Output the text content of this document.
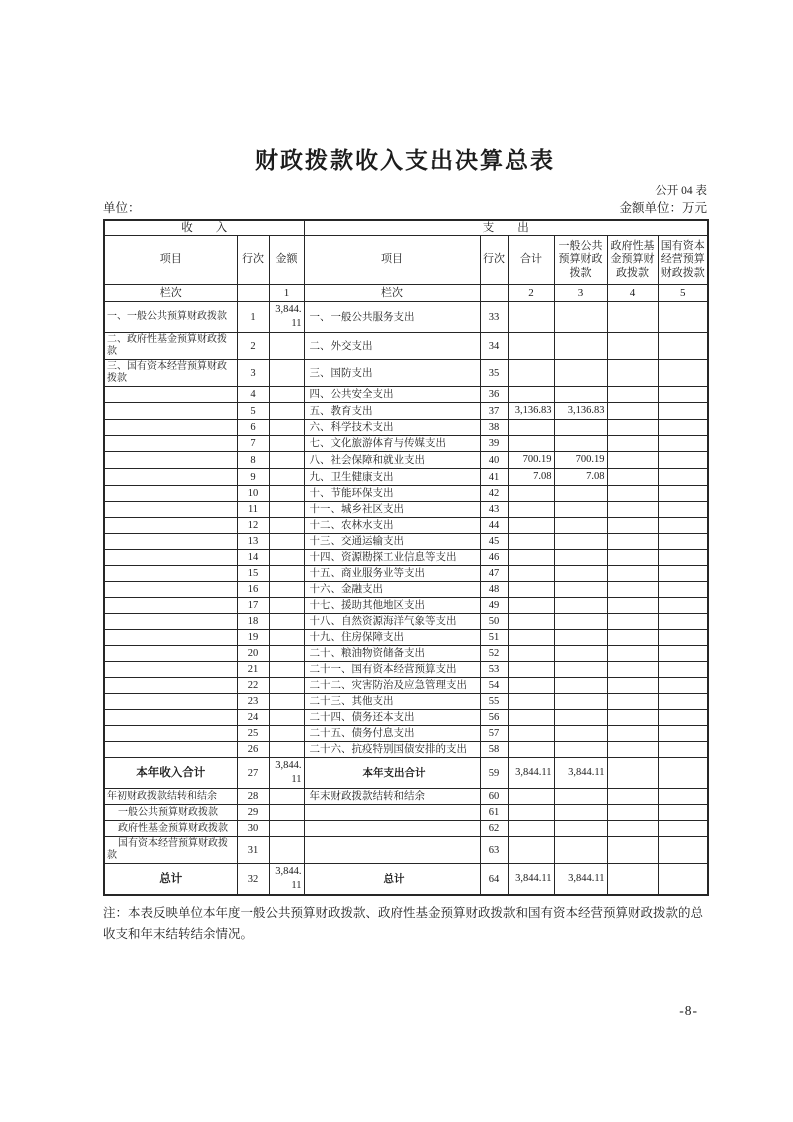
财政拨款收入支出决算总表
公开 04 表
单位：	金额单位：万元
收　　入			支　　出					
项目	行次	金额	项目	行次	合计	一般公共预算财政拨款	政府性基金预算财政拨款	国有资本经营预算财政拨款
栏次		1	栏次		2	3	4	5
一、一般公共预算财政拨款	1	3,844.11	一、一般公共服务支出	33				
二、政府性基金预算财政拨款	2		二、外交支出	34				
三、国有资本经营预算财政拨款	3		三、国防支出	35				
	4		四、公共安全支出	36				
	5		五、教育支出	37	3,136.83	3,136.83		
	6		六、科学技术支出	38				
	7		七、文化旅游体育与传媒支出	39				
	8		八、社会保障和就业支出	40	700.19	700.19		
	9		九、卫生健康支出	41	7.08	7.08		
	10		十、节能环保支出	42				
	11		十一、城乡社区支出	43				
	12		十二、农林水支出	44				
	13		十三、交通运输支出	45				
	14		十四、资源勘探工业信息等支出	46				
	15		十五、商业服务业等支出	47				
	16		十六、金融支出	48				
	17		十七、援助其他地区支出	49				
	18		十八、自然资源海洋气象等支出	50				
	19		十九、住房保障支出	51				
	20		二十、粮油物资储备支出	52				
	21		二十一、国有资本经营预算支出	53				
	22		二十二、灾害防治及应急管理支出	54				
	23		二十三、其他支出	55				
	24		二十四、债务还本支出	56				
	25		二十五、债务付息支出	57				
	26		二十六、抗疫特别国债安排的支出	58				
本年收入合计	27	3,844.11	本年支出合计	59	3,844.11	3,844.11		
年初财政拨款结转和结余	28		年末财政拨款结转和结余	60				
一般公共预算财政拨款	29			61				
政府性基金预算财政拨款	30			62				
国有资本经营预算财政拨款	31			63				
总计	32	3,844.11	总计	64	3,844.11	3,844.11		

注：本表反映单位本年度一般公共预算财政拨款、政府性基金预算财政拨款和国有资本经营预算财政拨款的总收支和年末结转结余情况。

-8-
